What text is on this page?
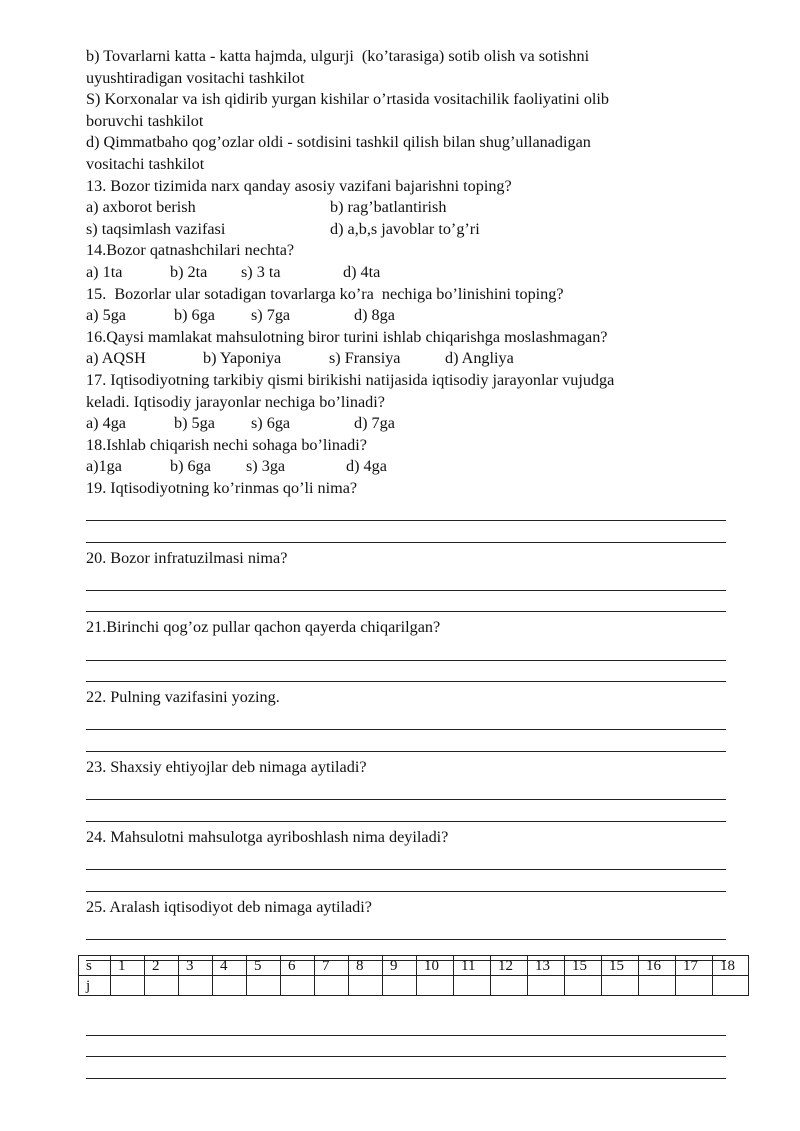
b) Tovarlarni katta - katta hajmda, ulgurji  (ko’tarasiga) sotib olish va sotishni
uyushtiradigan vositachi tashkilot
S) Korxonalar va ish qidirib yurgan kishilar o’rtasida vositachilik faoliyatini olib
boruvchi tashkilot
d) Qimmatbaho qog’ozlar oldi - sotdisini tashkil qilish bilan shug’ullanadigan
vositachi tashkilot
13. Bozor tizimida narx qanday asosiy vazifani bajarishni toping?
a) axborot berish	b) rag’batlantirish
s) taqsimlash vazifasi	d) a,b,s javoblar to’g’ri
14.Bozor qatnashchilari nechta?
a) 1ta	b) 2ta	s) 3 ta	d) 4ta
15.  Bozorlar ular sotadigan tovarlarga ko’ra  nechiga bo’linishini toping?
a) 5ga	b) 6ga	s) 7ga	d) 8ga
16.Qaysi mamlakat mahsulotning biror turini ishlab chiqarishga moslashmagan?
a) AQSH	b) Yaponiya	s) Fransiya	d) Angliya
17. Iqtisodiyotning tarkibiy qismi birikishi natijasida iqtisodiy jarayonlar vujudga
keladi. Iqtisodiy jarayonlar nechiga bo’linadi?
a) 4ga	b) 5ga	s) 6ga	d) 7ga
18.Ishlab chiqarish nechi sohaga bo’linadi?
a)1ga	b) 6ga	s) 3ga	d) 4ga
19. Iqtisodiyotning ko’rinmas qo’li nima?
20. Bozor infratuzilmasi nima?
21.Birinchi qog’oz pullar qachon qayerda chiqarilgan?
22. Pulning vazifasini yozing.
23. Shaxsiy ehtiyojlar deb nimaga aytiladi?
24. Mahsulotni mahsulotga ayriboshlash nima deyiladi?
25. Aralash iqtisodiyot deb nimaga aytiladi?
s	1	2	3	4	5	6	7	8	9	10	11	12	13	15	15	16	17	18
j																		
